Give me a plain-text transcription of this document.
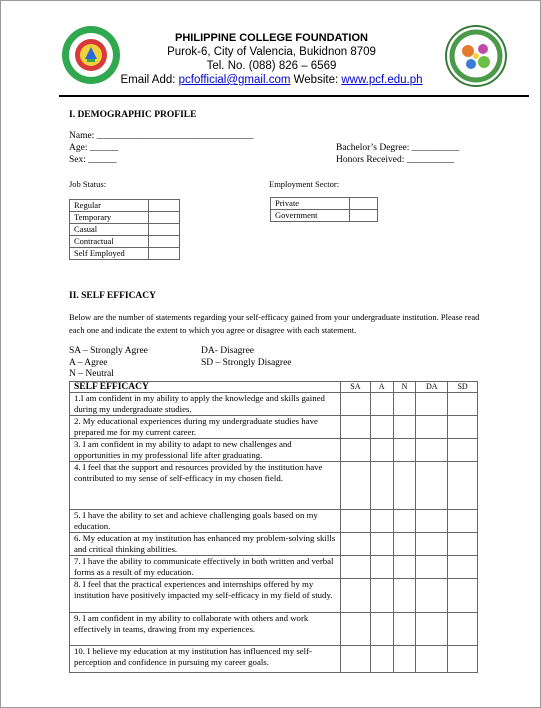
PHILIPPINE COLLEGE FOUNDATION

Purok-6, City of Valencia, Bukidnon 8709

Tel. No. (088) 826 – 6569

Email Add: pcfofficial@gmail.com Website: www.pcf.edu.ph

I. DEMOGRAPHIC PROFILE
Name: _________________________________
Age: ______
Sex: ______
Bachelor’s Degree: __________
Honors Received: __________
Job Status:	Employment Sector:
Regular	
Temporary	
Casual	
Contractual	
Self Employed	
Private	
Government	
II. SELF EFFICACY
Below are the number of statements regarding your self-efficacy gained from your undergraduate institution. Please read each one and indicate the extent to which you agree or disagree with each statement.
SA – Strongly Agree
A – Agree
N – Neutral
DA- Disagree
SD – Strongly Disagree
SELF EFFICACY	SA	A	N	DA	SD
1.I am confident in my ability to apply the knowledge and skills gained during my undergraduate studies.					
2. My educational experiences during my undergraduate studies have prepared me for my current career.					
3. I am confident in my ability to adapt to new challenges and opportunities in my professional life after graduating.					
4. I feel that the support and resources provided by the institution have contributed to my sense of self-efficacy in my chosen field.					
5. I have the ability to set and achieve challenging goals based on my education.					
6. My education at my institution has enhanced my problem-solving skills and critical thinking abilities.					
7. I have the ability to communicate effectively in both written and verbal forms as a result of my education.					
8. I feel that the practical experiences and internships offered by my institution have positively impacted my self-efficacy in my field of study.					
9. I am confident in my ability to collaborate with others and work effectively in teams, drawing from my experiences.					
10. I believe my education at my institution has influenced my self-perception and confidence in pursuing my career goals.					
